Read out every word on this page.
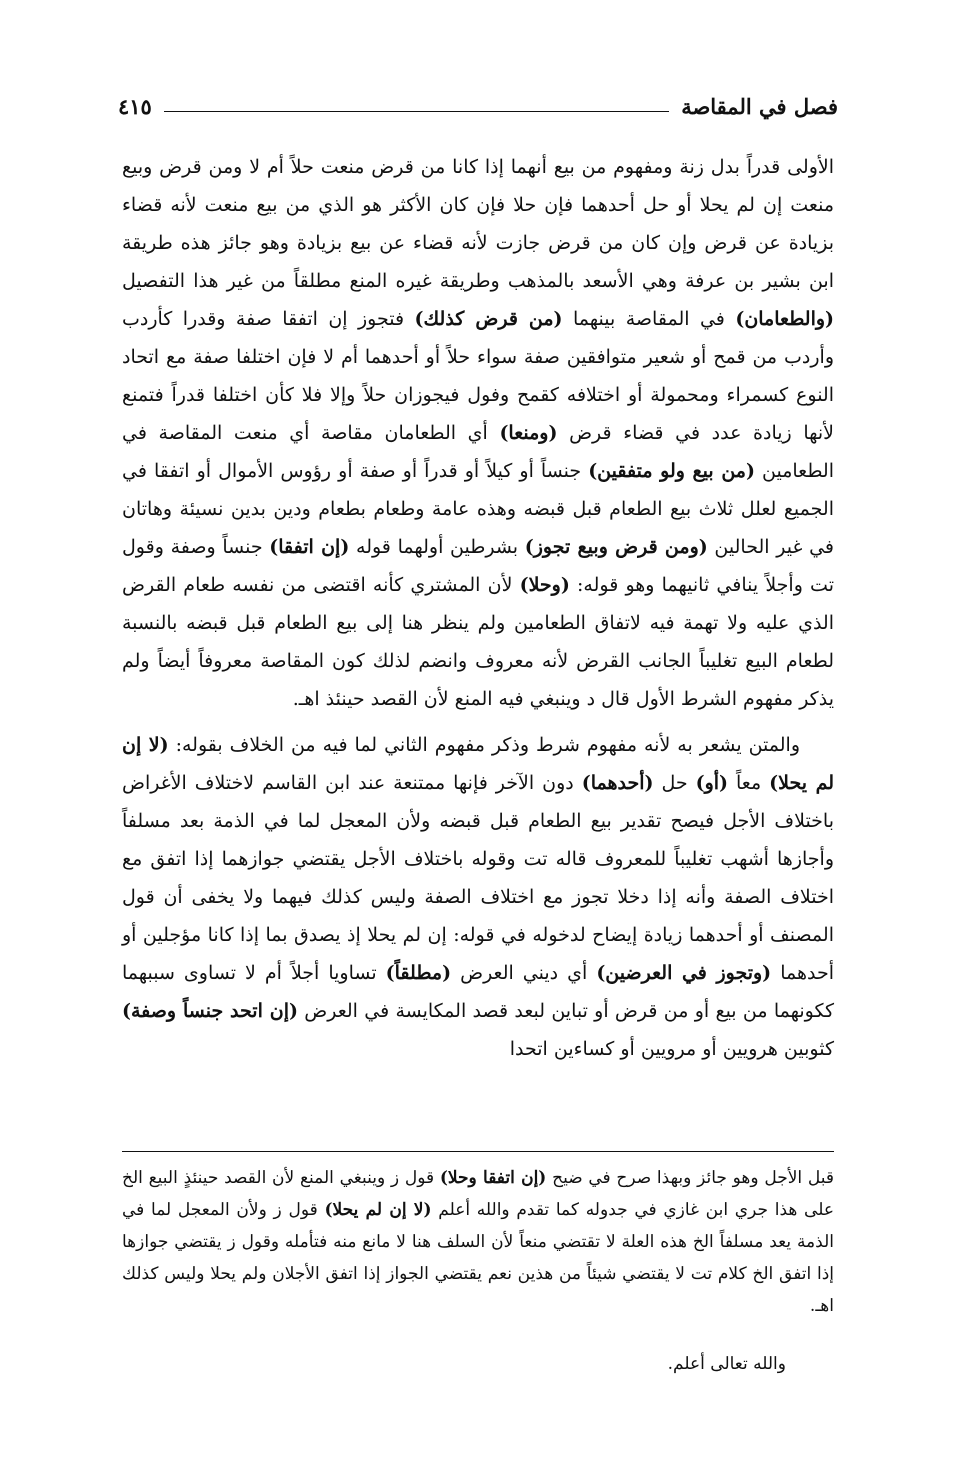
فصل في المقاصة
٤١٥

الأولى قدراً بدل زنة ومفهوم من بيع أنهما إذا كانا من قرض منعت حلاً أم لا ومن قرض وبيع منعت إن لم يحلا أو حل أحدهما فإن حلا فإن كان الأكثر هو الذي من بيع منعت لأنه قضاء بزيادة عن قرض وإن كان من قرض جازت لأنه قضاء عن بيع بزيادة وهو جائز هذه طريقة ابن بشير بن عرفة وهي الأسعد بالمذهب وطريقة غيره المنع مطلقاً من غير هذا التفصيل (والطعامان) في المقاصة بينهما (من قرض كذلك) فتجوز إن اتفقا صفة وقدرا كأردب وأردب من قمح أو شعير متوافقين صفة سواء حلاً أو أحدهما أم لا فإن اختلفا صفة مع اتحاد النوع كسمراء ومحمولة أو اختلافه كقمح وفول فيجوزان حلاً وإلا فلا كأن اختلفا قدراً فتمنع لأنها زيادة عدد في قضاء قرض (ومنعا) أي الطعامان مقاصة أي منعت المقاصة في الطعامين (من بيع ولو متفقين) جنساً أو كيلاً أو قدراً أو صفة أو رؤوس الأموال أو اتفقا في الجميع لعلل ثلاث بيع الطعام قبل قبضه وهذه عامة وطعام بطعام ودين بدين نسيئة وهاتان في غير الحالين (ومن قرض وبيع تجوز) بشرطين أولهما قوله (إن اتفقا) جنساً وصفة وقول تت وأجلاً ينافي ثانيهما وهو قوله: (وحلا) لأن المشتري كأنه اقتضى من نفسه طعام القرض الذي عليه ولا تهمة فيه لاتفاق الطعامين ولم ينظر هنا إلى بيع الطعام قبل قبضه بالنسبة لطعام البيع تغليباً الجانب القرض لأنه معروف وانضم لذلك كون المقاصة معروفاً أيضاً ولم يذكر مفهوم الشرط الأول قال د وينبغي فيه المنع لأن القصد حينئذ اهـ.

والمتن يشعر به لأنه مفهوم شرط وذكر مفهوم الثاني لما فيه من الخلاف بقوله: (لا إن لم يحلا) معاً (أو) حل (أحدهما) دون الآخر فإنها ممتنعة عند ابن القاسم لاختلاف الأغراض باختلاف الأجل فيصح تقدير بيع الطعام قبل قبضه ولأن المعجل لما في الذمة بعد مسلفاً وأجازها أشهب تغليباً للمعروف قاله تت وقوله باختلاف الأجل يقتضي جوازهما إذا اتفق مع اختلاف الصفة وأنه إذا دخلا تجوز مع اختلاف الصفة وليس كذلك فيهما ولا يخفى أن قول المصنف أو أحدهما زيادة إيضاح لدخوله في قوله: إن لم يحلا إذ يصدق بما إذا كانا مؤجلين أو أحدهما (وتجوز في العرضين) أي ديني العرض (مطلقاً) تساويا أجلاً أم لا تساوى سببهما ككونهما من بيع أو من قرض أو تباين لبعد قصد المكايسة في العرض (إن اتحد جنساً وصفة) كثوبين هرويين أو مرويين أو كساءين اتحدا

قبل الأجل وهو جائز وبهذا صرح في ضيح (إن اتفقا وحلا) قول ز وينبغي المنع لأن القصد حينئذٍ البيع الخ على هذا جري ابن غازي في جدوله كما تقدم والله أعلم (لا إن لم يحلا) قول ز ولأن المعجل لما في الذمة يعد مسلفاً الخ هذه العلة لا تقتضي منعاً لأن السلف هنا لا مانع منه فتأمله وقول ز يقتضي جوازها إذا اتفق الخ كلام تت لا يقتضي شيئاً من هذين نعم يقتضي الجواز إذا اتفق الأجلان ولم يحلا وليس كذلك اهـ.

والله تعالى أعلم.
